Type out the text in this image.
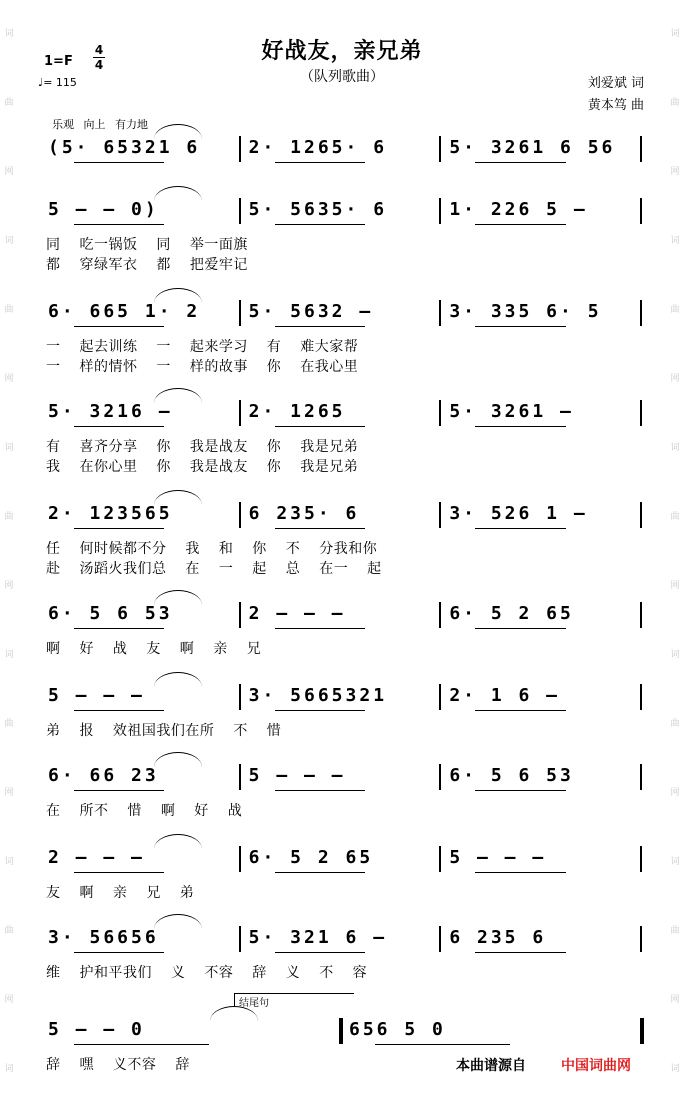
词
曲
网
词
曲
网
词
曲
网
词
曲
网
词
曲
网
词
词
曲
网
词
曲
网
词
曲
网
词
曲
网
词
曲
网
词
好战友，亲兄弟
（队列歌曲）
1=F
4
4
♩= 115	刘爱斌 词
黄本笃 曲
乐观 向上 有力地
(5· 65321 6	2· 1265· 6	5· 3261 6 56
5 – – 0)	5· 5635· 6	1· 226 5 –
同 吃一锅饭 同 举一面旗
都 穿绿军衣 都 把爱牢记
6· 665 1· 2	5· 5632 –	3· 335 6· 5
一 起去训练 一 起来学习 有 难大家帮
一 样的情怀 一 样的故事 你 在我心里
5· 3216 –	2· 1265	5· 3261 –
有 喜齐分享 你 我是战友 你 我是兄弟
我 在你心里 你 我是战友 你 我是兄弟
2· 123565	6 235· 6	3· 526 1 –
任 何时候都不分 我 和 你 不 分我和你
赴 汤蹈火我们总 在 一 起 总 在一 起
6· 5 6 53	2 – – –	6· 5 2 65
啊 好 战 友 啊 亲 兄
5 – – –	3· 5665321	2· 1 6 –
弟 报 效祖国我们在所 不 惜
6· 66 23	5 – – –	6· 5 6 53
在 所不 惜 啊 好 战
2 – – –	6· 5 2 65	5 – – –
友 啊 亲 兄 弟
3· 56656	5· 321 6 –	6 235 6
维 护和平我们 义 不容 辞 义 不 容
5 – – 0	656 5 0
辞 嘿 义不容 辞
结尾句
本曲谱源自	中国词曲网
